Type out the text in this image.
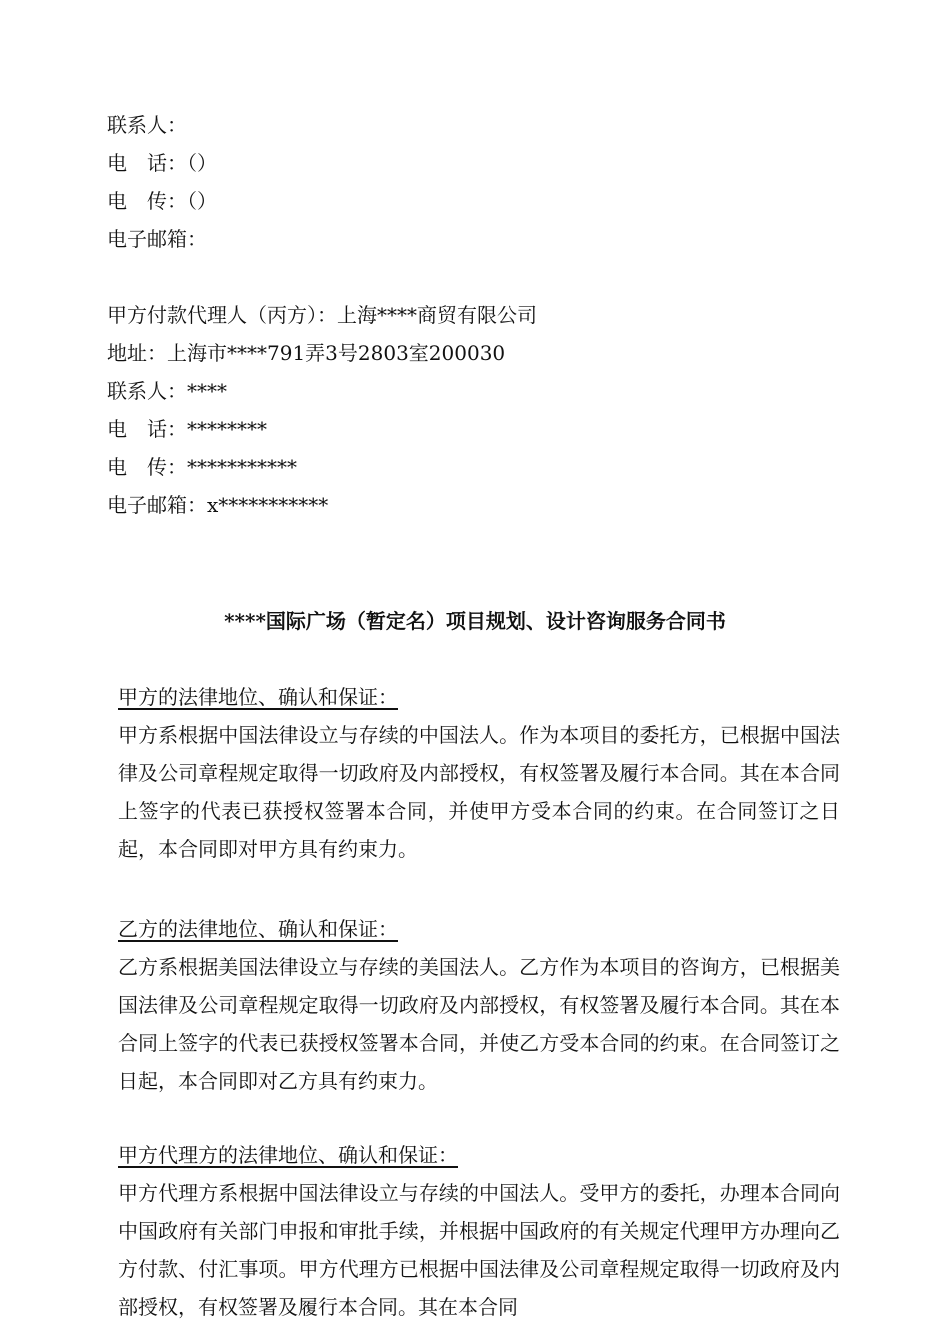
联系人：
电　话：（）
电　传：（）
电子邮箱：
甲方付款代理人（丙方）：上海****商贸有限公司
地址：上海市****791弄3号2803室200030
联系人：****
电　话：********
电　传：***********
电子邮箱：x***********
****国际广场（暂定名）项目规划、设计咨询服务合同书
甲方的法律地位、确认和保证：

甲方系根据中国法律设立与存续的中国法人。作为本项目的委托方，已根据中国法律及公司章程规定取得一切政府及内部授权，有权签署及履行本合同。其在本合同上签字的代表已获授权签署本合同，并使甲方受本合同的约束。在合同签订之日起，本合同即对甲方具有约束力。

乙方的法律地位、确认和保证：

乙方系根据美国法律设立与存续的美国法人。乙方作为本项目的咨询方，已根据美国法律及公司章程规定取得一切政府及内部授权，有权签署及履行本合同。其在本合同上签字的代表已获授权签署本合同，并使乙方受本合同的约束。在合同签订之日起，本合同即对乙方具有约束力。

甲方代理方的法律地位、确认和保证：

甲方代理方系根据中国法律设立与存续的中国法人。受甲方的委托，办理本合同向中国政府有关部门申报和审批手续，并根据中国政府的有关规定代理甲方办理向乙方付款、付汇事项。甲方代理方已根据中国法律及公司章程规定取得一切政府及内部授权，有权签署及履行本合同。其在本合同
